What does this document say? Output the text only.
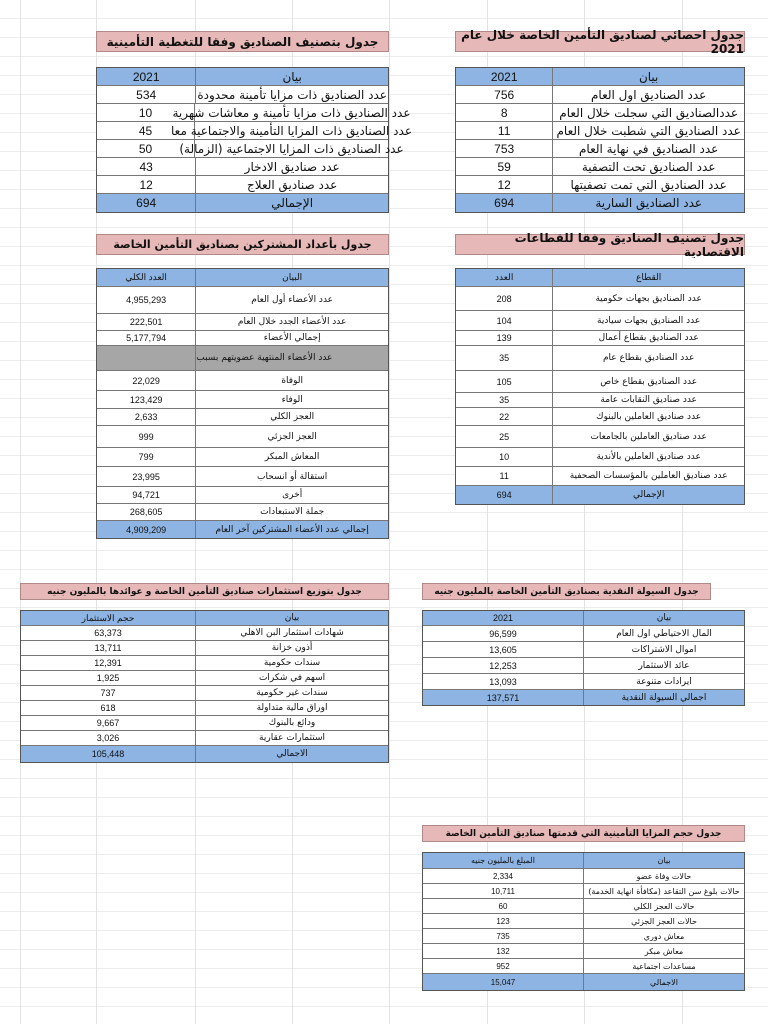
جدول احصائي لصناديق التأمين الخاصة خلال عام 2021
2021	بيان
756	عدد الصناديق اول العام
8	عددالصناديق التي سجلت خلال العام
11	عدد الصناديق التي شطبت خلال العام
753	عدد الصناديق في نهاية العام
59	عدد الصناديق تحت التصفية
12	عدد الصناديق التي تمت تصفيتها
694	عدد الصناديق السارية
جدول بتصنيف الصناديق وفقا للتغطية التأمينية
2021	بيان
534	عدد الصناديق ذات مزايا تأمينة محدودة
10	عدد الصناديق ذات مزايا تأمينة و معاشات شهرية
45	عدد الصناديق ذات المزايا التأمينة والاجتماعية معا
50	عدد الصناديق ذات المزايا الاجتماعية (الزمالة)
43	عدد صناديق الادخار
12	عدد صناديق العلاج
694	الإجمالي
جدول تصنيف الصناديق وفقا للقطاعات الاقتصادية
العدد	القطاع
208	عدد الصناديق بجهات حكومية
104	عدد الصناديق بجهات سيادية
139	عدد الصناديق بقطاع أعمال
35	عدد الصناديق بقطاع عام
105	عدد الصناديق بقطاع خاص
35	عدد صناديق النقابات عامة
22	عدد صناديق العاملين بالبنوك
25	عدد صناديق العاملين بالجامعات
10	عدد صناديق العاملين بالأندية
11	عدد صناديق العاملين بالمؤسسات الصحفية
694	الإجمالي
جدول بأعداد المشتركين بصناديق التأمين الخاصة
العدد الكلي	البيان
4,955,293	عدد الأعضاء أول العام
222,501	عدد الأعضاء الجدد خلال العام
5,177,794	إجمالي الأعضاء
عدد الأعضاء المنتهية عضويتهم بسبب
22,029	الوفاة
123,429	الوفاء
2,633	العجز الكلي
999	العجز الجزئي
799	المعاش المبكر
23,995	استقالة أو انسحاب
94,721	أخرى
268,605	جملة الاستبعادات
4,909,209	إجمالي عدد الأعضاء المشتركين آخر العام
جدول السيولة النقدية بصناديق التأمين الخاصة بالمليون جنيه
2021	بيان
96,599	المال الاحتياطي اول العام
13,605	اموال الاشتراكات
12,253	عائد الاستثمار
13,093	ايرادات متنوعة
137,571	اجمالي السيولة النقدية
جدول بتوزيع استثمارات صناديق التأمين الخاصة و عوائدها بالمليون جنيه
حجم الاستثمار	بيان
63,373	شهادات استثمار البن الاهلي
13,711	أذون خزانة
12,391	سندات حكومية
1,925	اسهم في شكرات
737	سندات غير حكومية
618	اوراق مالية متداولة
9,667	ودائع بالبنوك
3,026	استثمارات عقارية
105,448	الاجمالي
جدول حجم المزايا التأمينية التي قدمتها صناديق التأمين الخاصة
المبلغ بالمليون جنيه	بيان
2,334	حالات وفاة عضو
10,711	حالات بلوغ سن التقاعد (مكافأة انهاية الخدمة)
60	حالات العجز الكلي
123	حالات العجز الجزئي
735	معاش دوري
132	معاش مبكر
952	مساعدات اجتماعية
15,047	الاجمالي
